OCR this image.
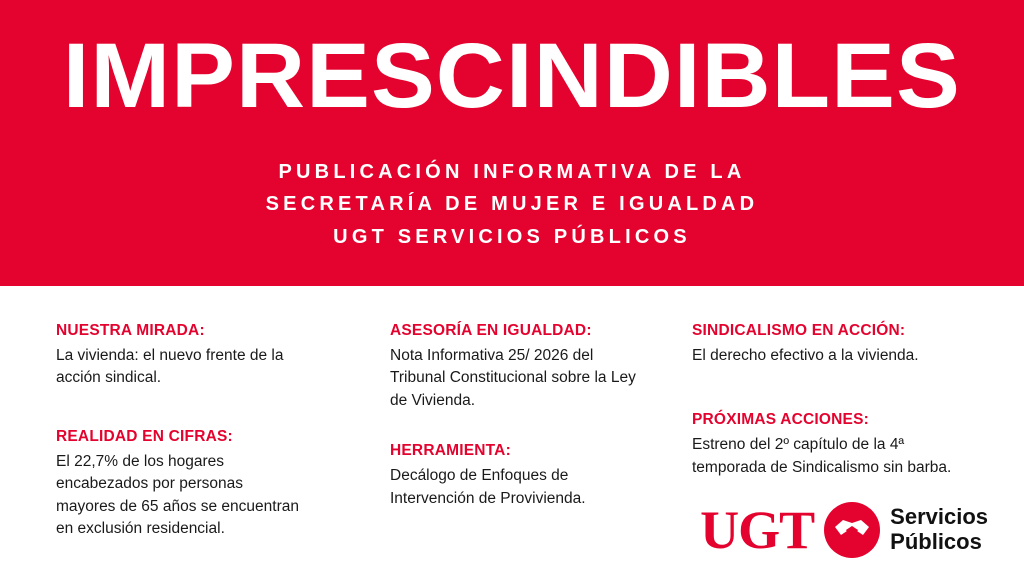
IMPRESCINDIBLES
PUBLICACIÓN INFORMATIVA DE LA
SECRETARÍA DE MUJER E IGUALDAD
UGT SERVICIOS PÚBLICOS
NUESTRA MIRADA:
La vivienda: el nuevo frente de la acción sindical.
REALIDAD EN CIFRAS:
El 22,7% de los hogares encabezados por personas mayores de 65 años se encuentran en exclusión residencial.
ASESORÍA EN IGUALDAD:
Nota Informativa 25/ 2026 del Tribunal Constitucional sobre la Ley de Vivienda.
HERRAMIENTA:
Decálogo de Enfoques de Intervención de Provivienda.
SINDICALISMO EN ACCIÓN:
El derecho efectivo a la vivienda.
PRÓXIMAS ACCIONES:
Estreno del 2º capítulo de la 4ª temporada de Sindicalismo sin barba.
UGT	Servicios
Públicos
